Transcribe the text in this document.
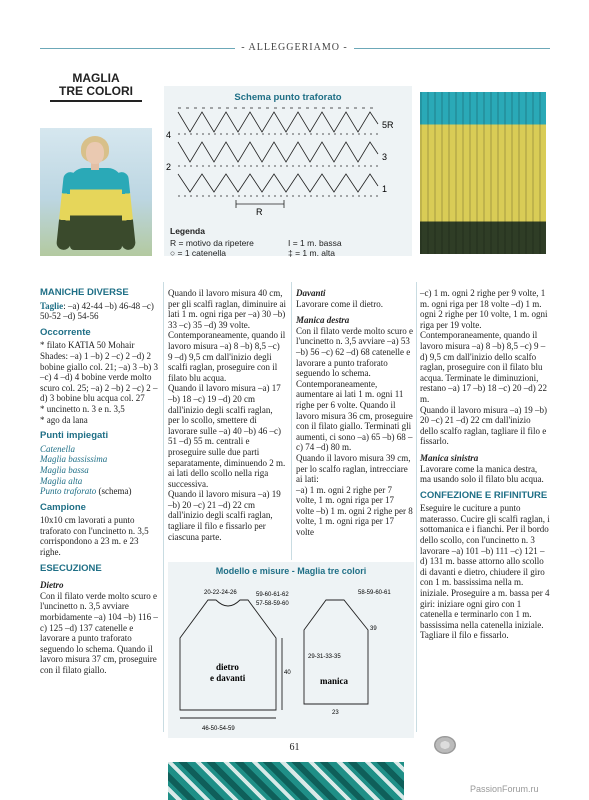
- ALLEGGERIAMO -
MAGLIA
TRE COLORI	Schema punto traforato
4
2
5R
3
1
R
Legenda
R = motivo da ripetere
○ = 1 catenella
I = 1 m. bassa
‡ = 1 m. alta
MANICHE DIVERSE
Taglie: –a) 42-44 –b) 46-48 –c) 50-52 –d) 54-56
Occorrente
* filato KATIA 50 Mohair Shades: –a) 1 –b) 2 –c) 2 –d) 2 bobine giallo col. 21; –a) 3 –b) 3 –c) 4 –d) 4 bobine verde molto scuro col. 25; –a) 2 –b) 2 –c) 2 –d) 3 bobine blu acqua col. 27
* uncinetto n. 3 e n. 3,5
* ago da lana
Punti impiegati
Catenella
Maglia bassissima
Maglia bassa
Maglia alta
Punto traforato (schema)
Campione
10x10 cm lavorati a punto traforato con l'uncinetto n. 3,5 corrispondono a 23 m. e 23 righe.
ESECUZIONE
Dietro
Con il filato verde molto scuro e l'uncinetto n. 3,5 avviare morbidamente –a) 104 –b) 116 –c) 125 –d) 137 catenelle e lavorare a punto traforato seguendo lo schema. Quando il lavoro misura 37 cm, proseguire con il filato giallo.
Quando il lavoro misura 40 cm, per gli scalfi raglan, diminuire ai lati 1 m. ogni riga per –a) 30 –b) 33 –c) 35 –d) 39 volte. Contemporaneamente, quando il lavoro misura –a) 8 –b) 8,5 –c) 9 –d) 9,5 cm dall'inizio degli scalfi raglan, proseguire con il filato blu acqua.
Quando il lavoro misura –a) 17 –b) 18 –c) 19 –d) 20 cm dall'inizio degli scalfi raglan, per lo scollo, smettere di lavorare sulle –a) 40 –b) 46 –c) 51 –d) 55 m. centrali e proseguire sulle due parti separatamente, diminuendo 2 m. ai lati dello scollo nella riga successiva.
Quando il lavoro misura –a) 19 –b) 20 –c) 21 –d) 22 cm dall'inizio degli scalfi raglan, tagliare il filo e fissarlo per ciascuna parte.
Davanti
Lavorare come il dietro.
Manica destra
Con il filato verde molto scuro e l'uncinetto n. 3,5 avviare –a) 53 –b) 56 –c) 62 –d) 68 catenelle e lavorare a punto traforato seguendo lo schema. Contemporaneamente, aumentare ai lati 1 m. ogni 11 righe per 6 volte. Quando il lavoro misura 36 cm, proseguire con il filato giallo. Terminati gli aumenti, ci sono –a) 65 –b) 68 –c) 74 –d) 80 m.
Quando il lavoro misura 39 cm, per lo scalfo raglan, intrecciare ai lati:
–a) 1 m. ogni 2 righe per 7 volte, 1 m. ogni riga per 17 volte –b) 1 m. ogni 2 righe per 8 volte, 1 m. ogni riga per 17 volte
–c) 1 m. ogni 2 righe per 9 volte, 1 m. ogni riga per 18 volte –d) 1 m. ogni 2 righe per 10 volte, 1 m. ogni riga per 19 volte. Contemporaneamente, quando il lavoro misura –a) 8 –b) 8,5 –c) 9 –d) 9,5 cm dall'inizio dello scalfo raglan, proseguire con il filato blu acqua. Terminate le diminuzioni, restano –a) 17 –b) 18 –c) 20 –d) 22 m.
Quando il lavoro misura –a) 19 –b) 20 –c) 21 –d) 22 cm dall'inizio dello scalfo raglan, tagliare il filo e fissarlo.
Manica sinistra
Lavorare come la manica destra, ma usando solo il filato blu acqua.
CONFEZIONE E RIFINITURE
Eseguire le cuciture a punto materasso. Cucire gli scalfi raglan, i sottomanica e i fianchi. Per il bordo dello scollo, con l'uncinetto n. 3 lavorare –a) 101 –b) 111 –c) 121 –d) 131 m. basse attorno allo scollo di davanti e dietro, chiudere il giro con 1 m. bassissima nella m. iniziale. Proseguire a m. bassa per 4 giri: iniziare ogni giro con 1 catenella e terminarlo con 1 m. bassissima nella catenella iniziale. Tagliare il filo e fissarlo.
Modello e misure - Maglia tre colori
20-22-24-26	59-60-61-62
57-58-59-60
40
46-50-54-59
dietro
e davanti
58-59-60-61
39
29-31-33-35
manica
23
61
PassionForum.ru
